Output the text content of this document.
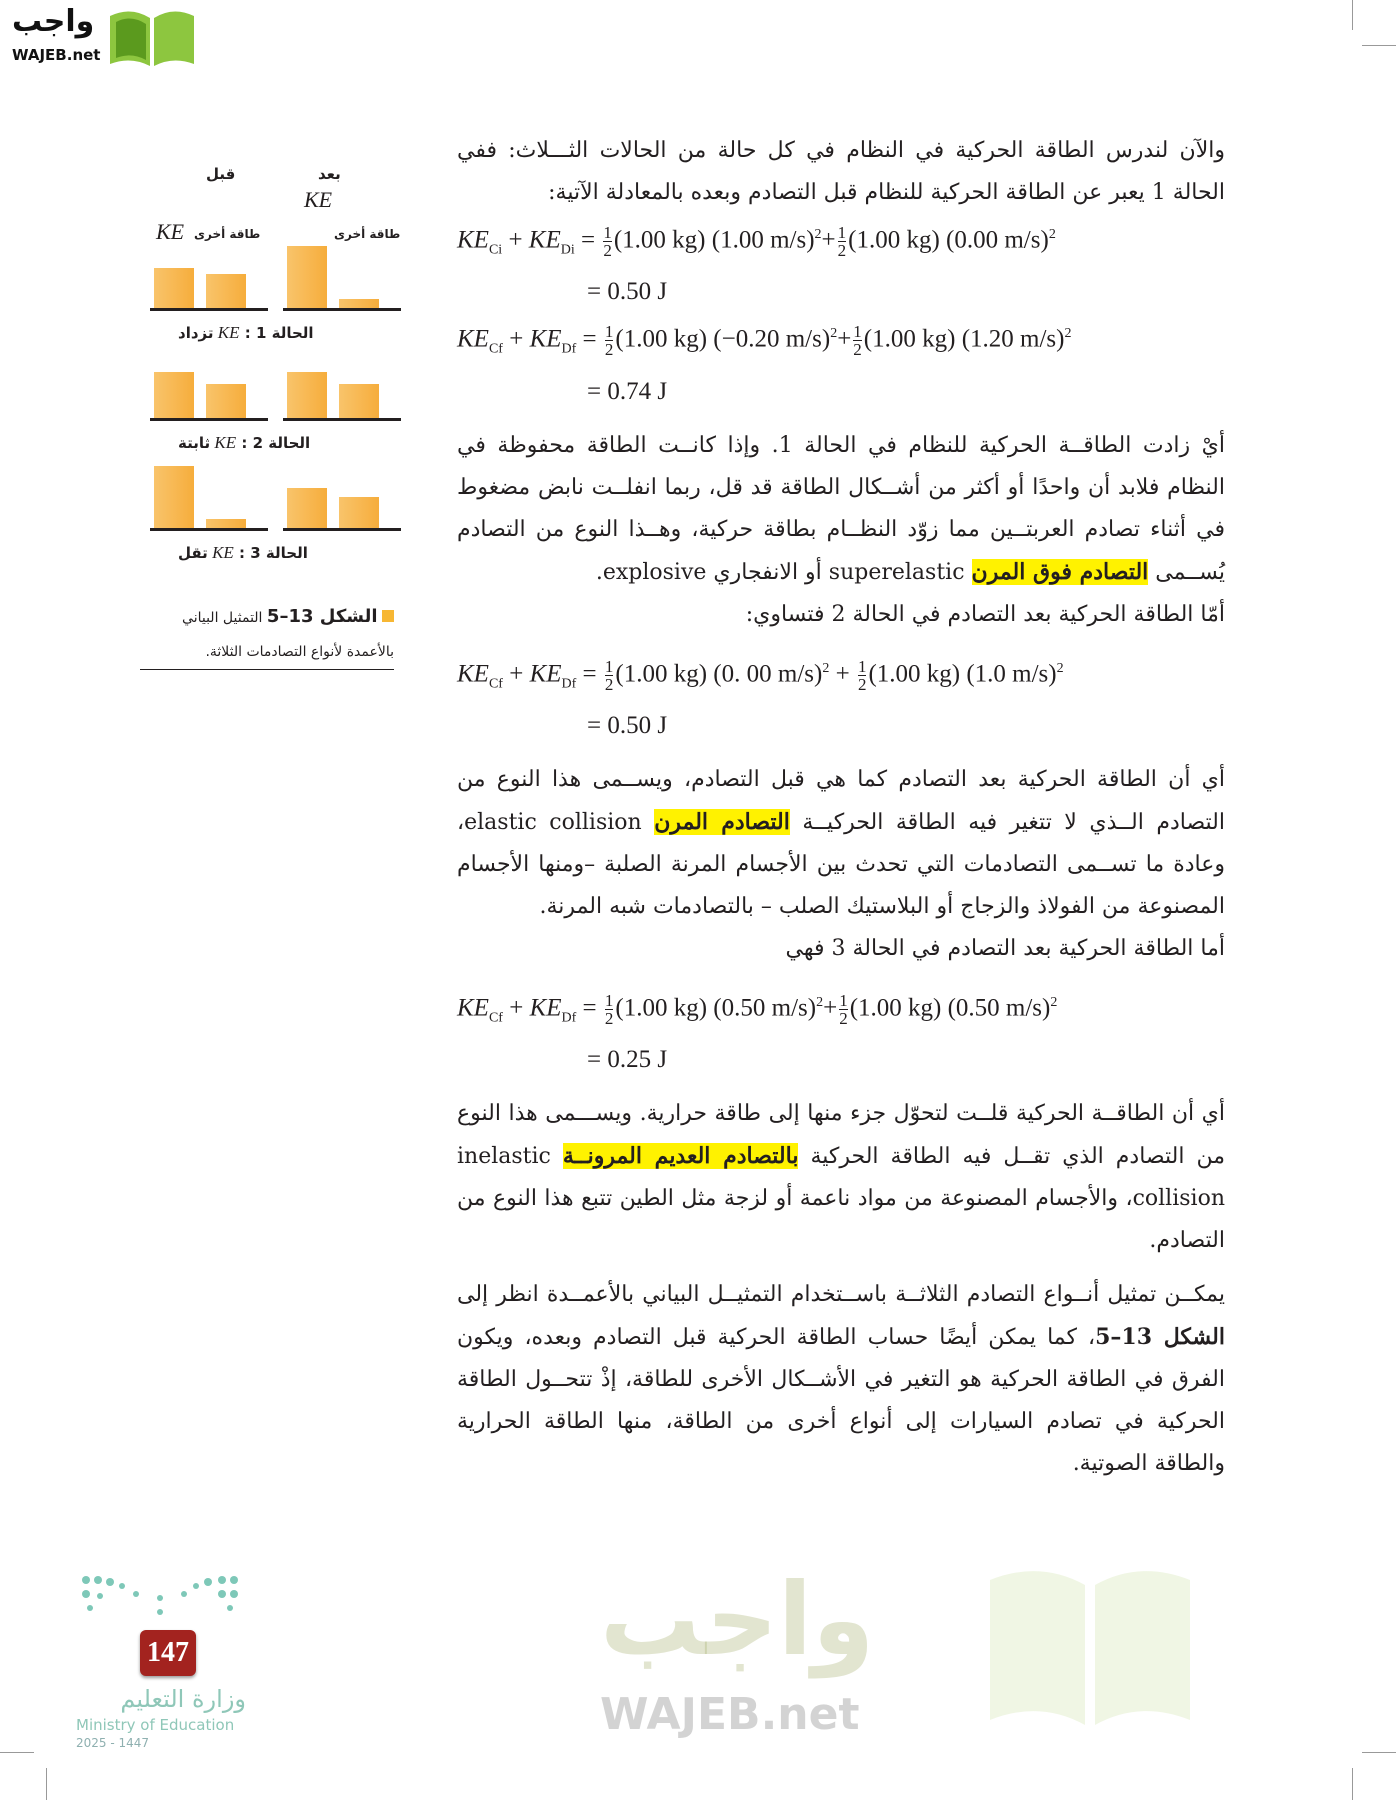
واجب
WAJEB.net
واجب
WAJEB.net
قبل	بعد
KE
KE طاقة أخرى	طاقة أخرى
الحالة 1 : KE تزداد
الحالة 2 : KE ثابتة
الحالة 3 : KE تقل
الشكل 13–5 التمثيل البياني
بالأعمدة لأنواع التصادمات الثلاثة.
والآن لندرس الطاقة الحركية في النظام في كل حالة من الحالات الثـــلاث: ففي الحالة 1 يعبر عن الطاقة الحركية للنظام قبل التصادم وبعده بالمعادلة الآتية:
$KE_{Ci} + KE_{Di} = \frac{1}{2} (1.00$ kg) (1.00 $m/s)^2+ \frac{1}{2} (1.00$ kg) (0.00 m/s)$^2$
= 0.50 J
$KE_{Cf} + KE_{Df} = \frac{1}{2} (1.00$ kg) (−0.20 $m/s)^2+ \frac{1}{2} (1.00$ kg) (1.20 m/s)$^2$
= 0.74 J
أيْ زادت الطاقــة الحركية للنظام في الحالة 1. وإذا كانــت الطاقة محفوظة في النظام فلابد أن واحدًا أو أكثر من أشــكال الطاقة قد قل، ربما انفلــت نابض مضغوط في أثناء تصادم العربتــين مما زوّد النظــام بطاقة حركية، وهــذا النوع من التصادم يُســمى التصادم فوق المرن superelastic أو الانفجاري explosive.
أمّا الطاقة الحركية بعد التصادم في الحالة 2 فتساوي:
$KE_{Cf} + KE_{Df} = \frac{1}{2} (1.00$ kg) (0. 00 $m/s)^2 + \frac{1}{2} (1.00$ kg) (1.0 m/s)$^2$
= 0.50 J
أي أن الطاقة الحركية بعد التصادم كما هي قبل التصادم، ويســمى هذا النوع من التصادم الــذي لا تتغير فيه الطاقة الحركيــة التصادم المرن elastic collision، وعادة ما تســمى التصادمات التي تحدث بين الأجسام المرنة الصلبة –ومنها الأجسام المصنوعة من الفولاذ والزجاج أو البلاستيك الصلب – بالتصادمات شبه المرنة.
أما الطاقة الحركية بعد التصادم في الحالة 3 فهي
$KE_{Cf} + KE_{Df} = \frac{1}{2} (1.00$ kg) (0.50 $m/s)^2+ \frac{1}{2} (1.00$ kg) (0.50 m/s)$^2$
= 0.25 J
أي أن الطاقــة الحركية قلــت لتحوّل جزء منها إلى طاقة حرارية. ويســـمى هذا النوع من التصادم الذي تقــل فيه الطاقة الحركية بالتصادم العديم المرونــة inelastic collision، والأجسام المصنوعة من مواد ناعمة أو لزجة مثل الطين تتبع هذا النوع من التصادم.
يمكــن تمثيل أنــواع التصادم الثلاثــة باســتخدام التمثيــل البياني بالأعمــدة انظر إلى الشكل 13–5، كما يمكن أيضًا حساب الطاقة الحركية قبل التصادم وبعده، ويكون الفرق في الطاقة الحركية هو التغير في الأشــكال الأخرى للطاقة، إذْ تتحــول الطاقة الحركية في تصادم السيارات إلى أنواع أخرى من الطاقة، منها الطاقة الحرارية والطاقة الصوتية.
وزارة التعليم
Ministry of Education
2025 - 1447
147
